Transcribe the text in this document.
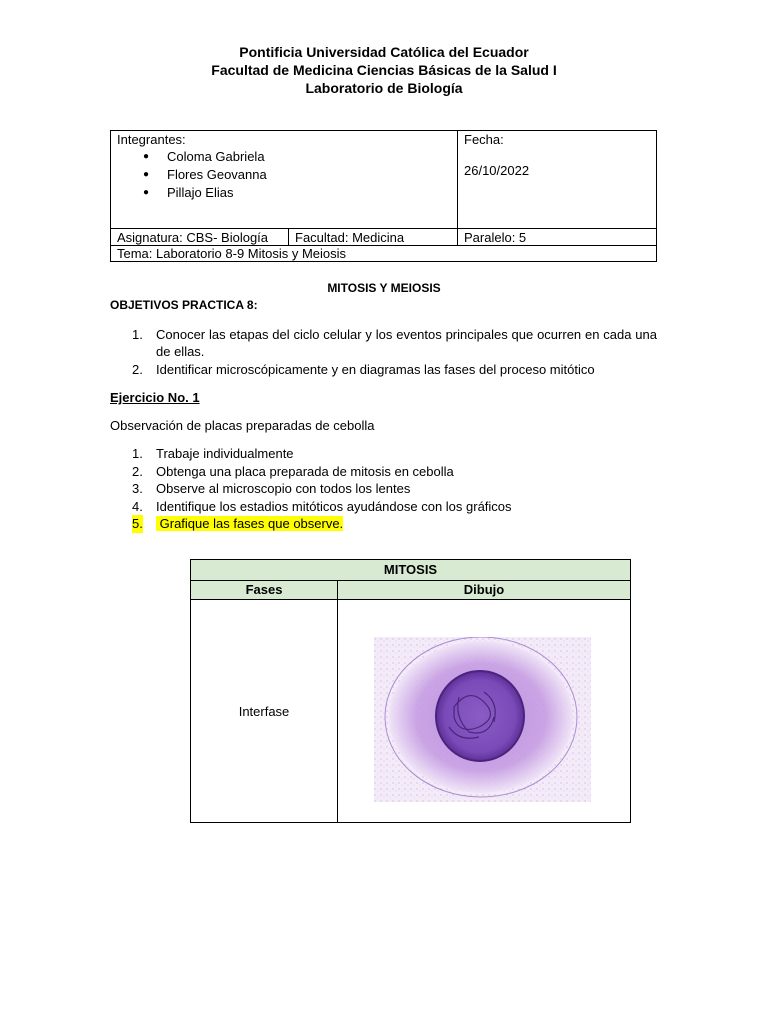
Pontificia Universidad Católica del Ecuador
Facultad de Medicina Ciencias Básicas de la Salud I
Laboratorio de Biología
Integrantes:
● Coloma Gabriela
● Flores Geovanna
● Pillajo Elias
Fecha:
26/10/2022
Asignatura: CBS- Biología	Facultad: Medicina	Paralelo: 5
Tema: Laboratorio 8-9 Mitosis y Meiosis
MITOSIS Y MEIOSIS
OBJETIVOS PRACTICA 8:
1. Conocer las etapas del ciclo celular y los eventos principales que ocurren en cada una de ellas.
2. Identificar microscópicamente y en diagramas las fases del proceso mitótico
Ejercicio No. 1
Observación de placas preparadas de cebolla
1. Trabaje individualmente
2. Obtenga una placa preparada de mitosis en cebolla
3. Observe al microscopio con todos los lentes
4. Identifique los estadios mitóticos ayudándose con los gráficos
5. Grafique las fases que observe.
MITOSIS
Fases	Dibujo
Interfase
